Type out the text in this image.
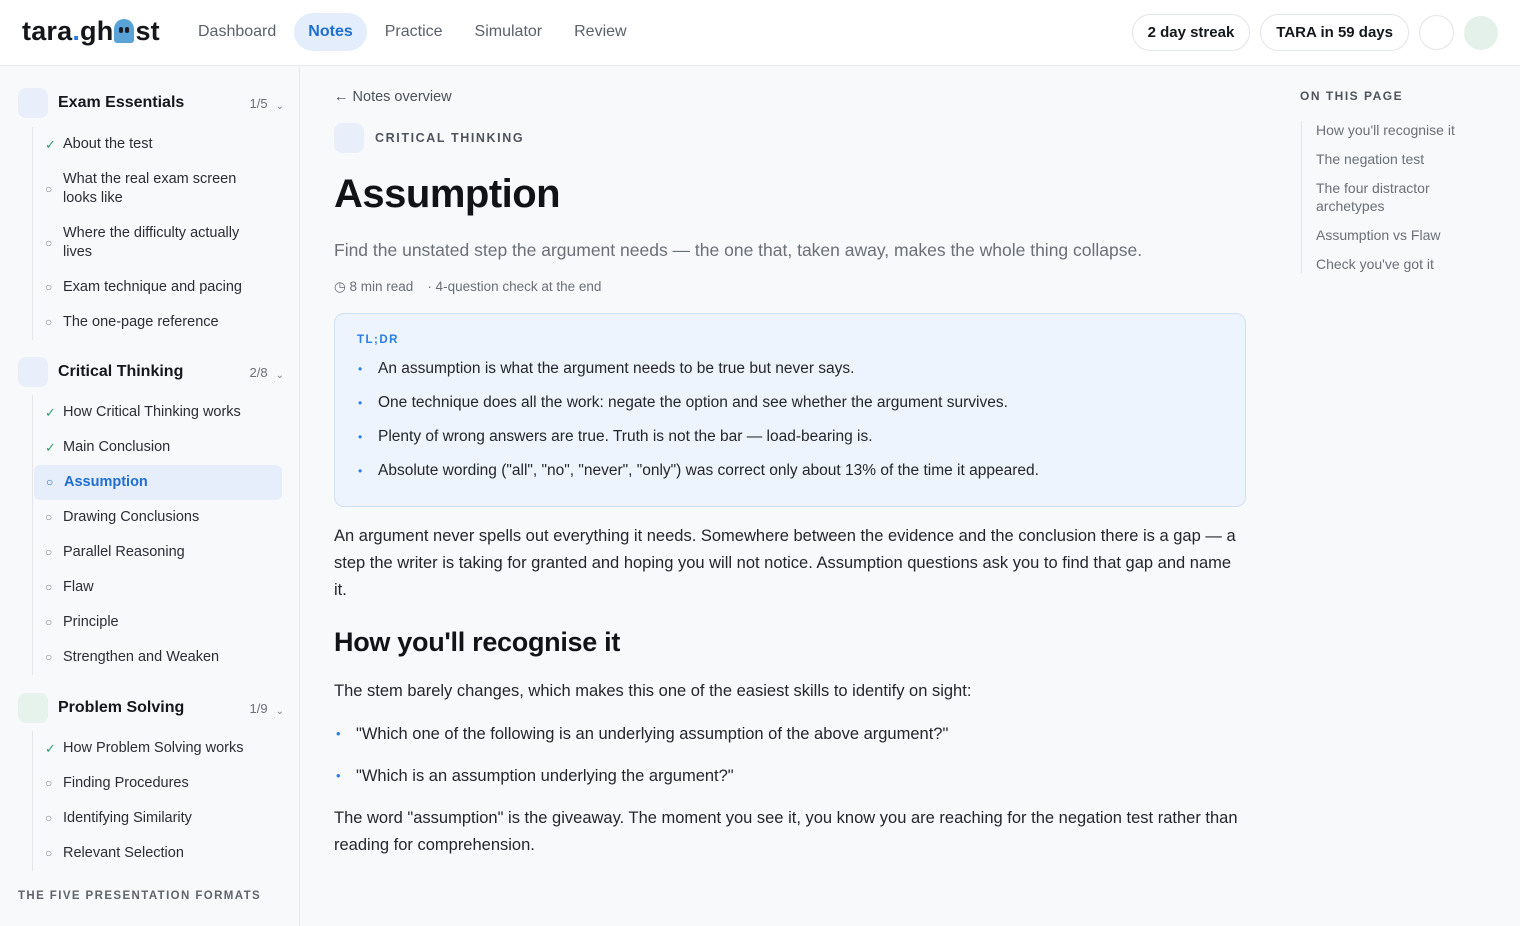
tara . gh st	Dashboard	Notes	Practice	Simulator	Review	2 day streak	TARA in 59 days
Exam Essentials	1/5 ⌄
✓ About the test
○
What the real exam screen looks like
○
Where the difficulty actually lives
○ Exam technique and pacing
○ The one-page reference
Critical Thinking	2/8 ⌄
✓ How Critical Thinking works
✓ Main Conclusion
○ Assumption
○ Drawing Conclusions
○ Parallel Reasoning
○ Flaw
○ Principle
○ Strengthen and Weaken
Problem Solving	1/9 ⌄
✓ How Problem Solving works
○ Finding Procedures
○ Identifying Similarity
○ Relevant Selection
THE FIVE PRESENTATION FORMATS
← Notes overview
CRITICAL THINKING
Assumption

Find the unstated step the argument needs — the one that, taken away, makes the whole thing collapse.

◷ 8 min read · 4-question check at the end
TL;DR
• An assumption is what the argument needs to be true but never says.
• One technique does all the work: negate the option and see whether the argument survives.
• Plenty of wrong answers are true. Truth is not the bar — load-bearing is.
• Absolute wording ("all", "no", "never", "only") was correct only about 13% of the time it appeared.

An argument never spells out everything it needs. Somewhere between the evidence and the conclusion there is a gap — a step the writer is taking for granted and hoping you will not notice. Assumption questions ask you to find that gap and name it.

How you'll recognise it

The stem barely changes, which makes this one of the easiest skills to identify on sight:

• "Which one of the following is an underlying assumption of the above argument?"
• "Which is an assumption underlying the argument?"

The word "assumption" is the giveaway. The moment you see it, you know you are reaching for the negation test rather than reading for comprehension.

ON THIS PAGE
How you'll recognise it
The negation test
The four distractor archetypes
Assumption vs Flaw
Check you've got it
